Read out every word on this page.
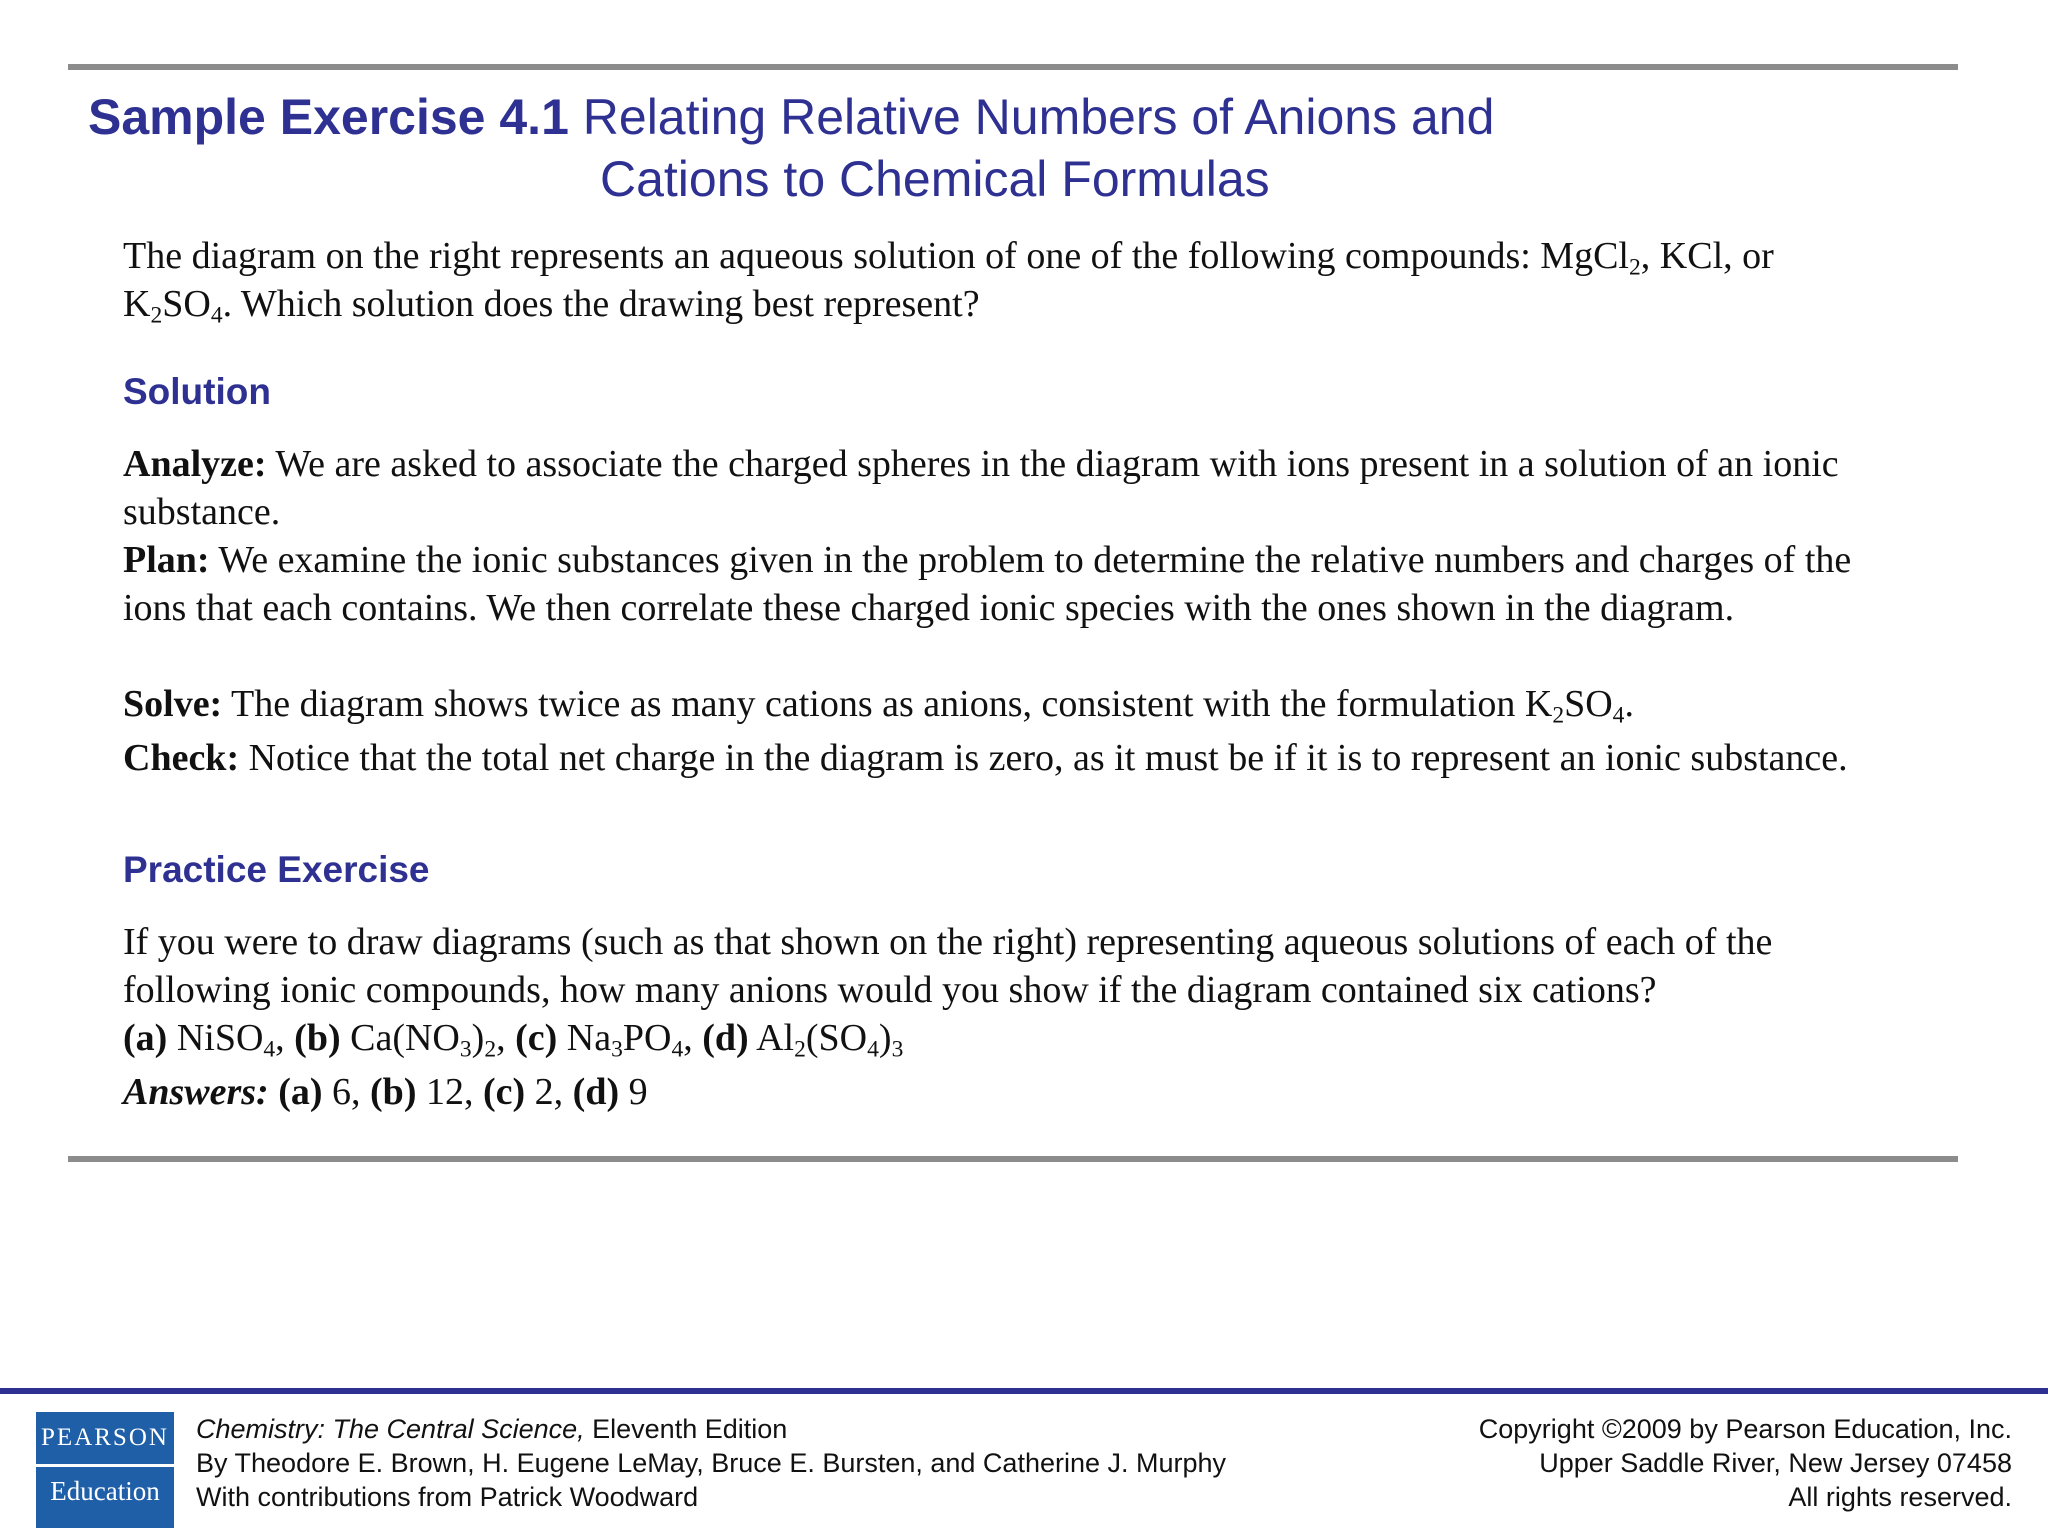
Sample Exercise 4.1 Relating Relative Numbers of Anions and
Cations to Chemical Formulas
The diagram on the right represents an aqueous solution of one of the following compounds: MgCl$_2$, KCl, or
$K_2SO_4$. Which solution does the drawing best represent?
Solution
Analyze: We are asked to associate the charged spheres in the diagram with ions present in a solution of an ionic substance.
Plan: We examine the ionic substances given in the problem to determine the relative numbers and charges of the ions that each contains. We then correlate these charged ionic species with the ones shown in the diagram.
Solve: The diagram shows twice as many cations as anions, consistent with the formulation $K_2SO_4$.
Check: Notice that the total net charge in the diagram is zero, as it must be if it is to represent an ionic substance.
Practice Exercise
If you were to draw diagrams (such as that shown on the right) representing aqueous solutions of each of the following ionic compounds, how many anions would you show if the diagram contained six cations?
(a) NiSO$_4$, (b) $Ca(NO_3)_2$, (c) $Na_3PO_4$, (d) $Al_2(SO_4)_3$
Answers: (a) 6, (b) 12, (c) 2, (d) 9
PEARSON
Education
Chemistry: The Central Science, Eleventh Edition
By Theodore E. Brown, H. Eugene LeMay, Bruce E. Bursten, and Catherine J. Murphy
With contributions from Patrick Woodward
Copyright ©2009 by Pearson Education, Inc.
Upper Saddle River, New Jersey 07458
All rights reserved.
